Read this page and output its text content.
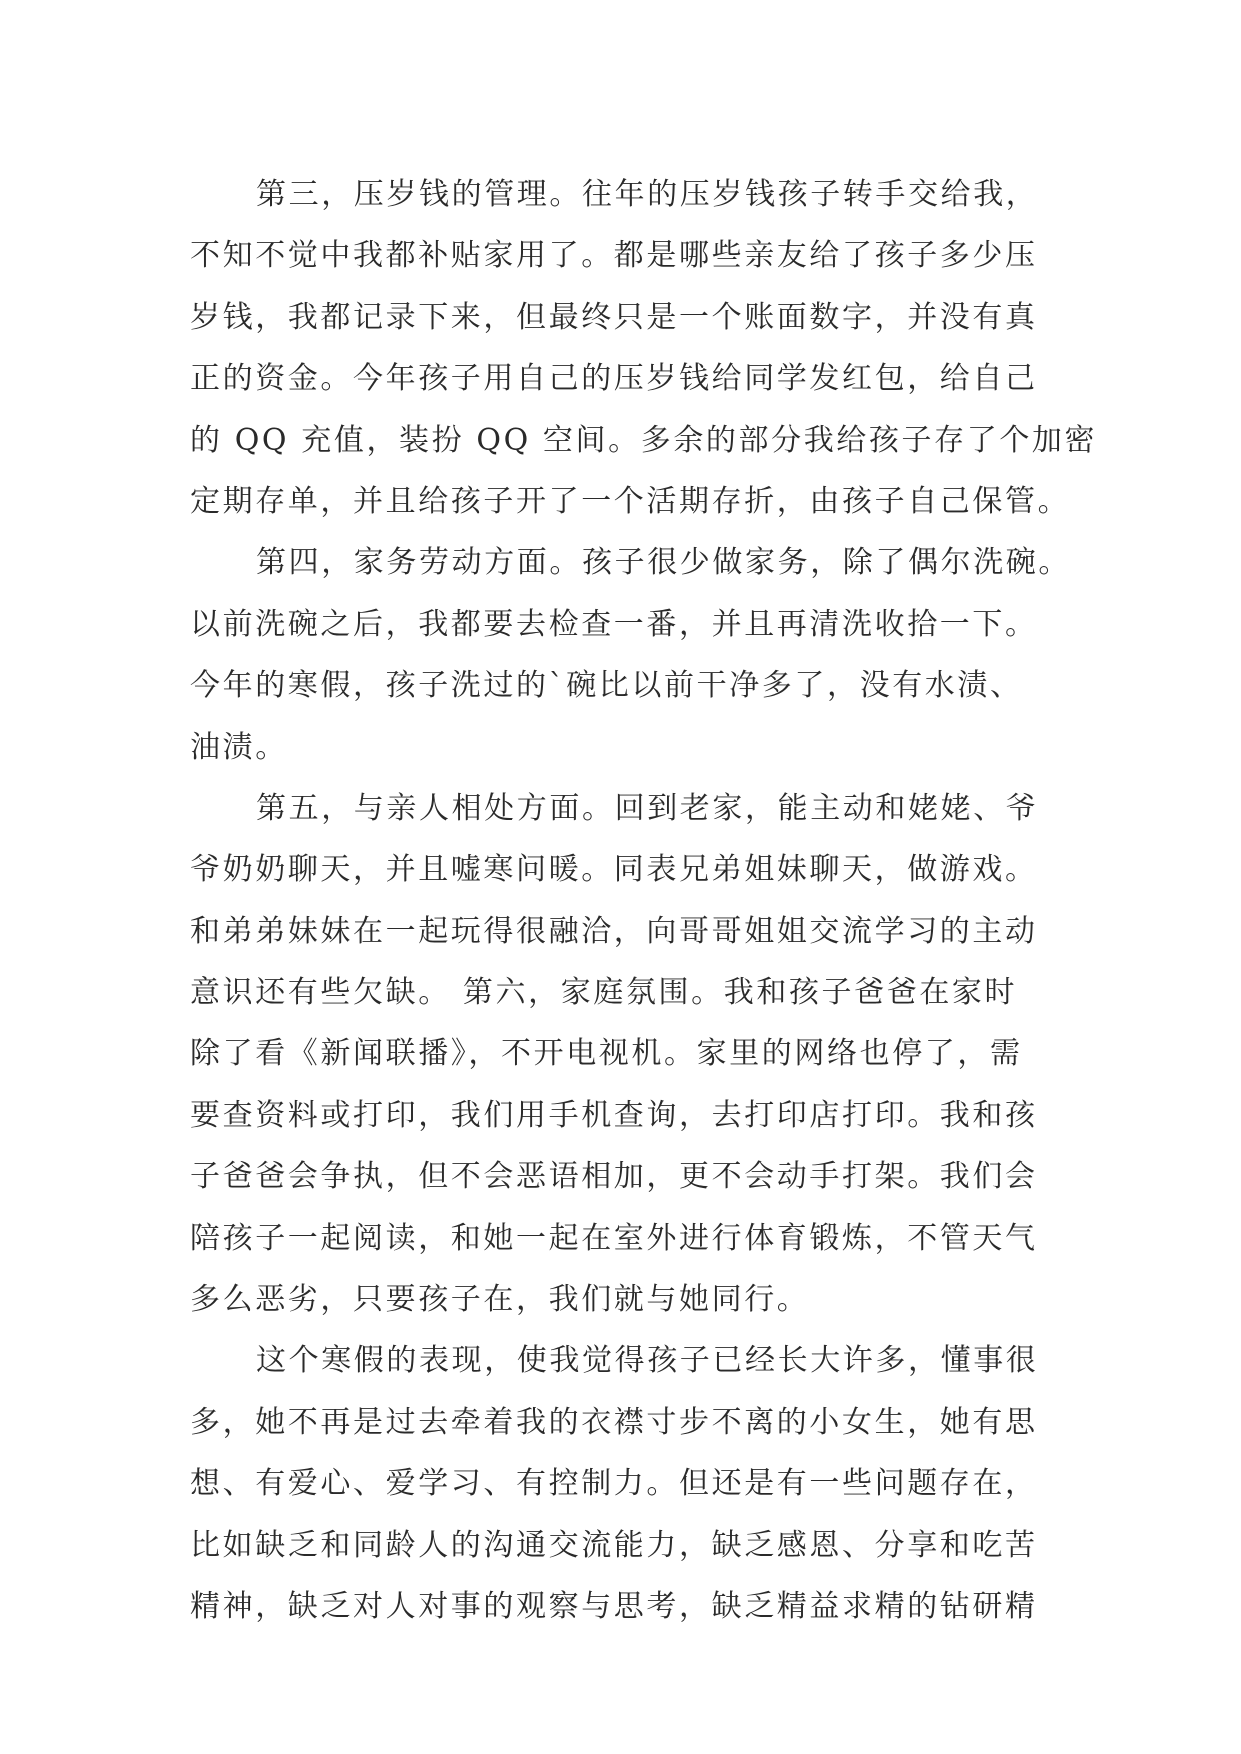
第三，压岁钱的管理。往年的压岁钱孩子转手交给我，
不知不觉中我都补贴家用了。都是哪些亲友给了孩子多少压
岁钱，我都记录下来，但最终只是一个账面数字，并没有真
正的资金。今年孩子用自己的压岁钱给同学发红包，给自己
的 QQ 充值，装扮 QQ 空间。多余的部分我给孩子存了个加密
定期存单，并且给孩子开了一个活期存折，由孩子自己保管。
第四，家务劳动方面。孩子很少做家务，除了偶尔洗碗。
以前洗碗之后，我都要去检查一番，并且再清洗收拾一下。
今年的寒假，孩子洗过的`碗比以前干净多了，没有水渍、
油渍。
第五，与亲人相处方面。回到老家，能主动和姥姥、爷
爷奶奶聊天，并且嘘寒问暖。同表兄弟姐妹聊天，做游戏。
和弟弟妹妹在一起玩得很融洽，向哥哥姐姐交流学习的主动
意识还有些欠缺。 第六，家庭氛围。我和孩子爸爸在家时
除了看《新闻联播》，不开电视机。家里的网络也停了，需
要查资料或打印，我们用手机查询，去打印店打印。我和孩
子爸爸会争执，但不会恶语相加，更不会动手打架。我们会
陪孩子一起阅读，和她一起在室外进行体育锻炼，不管天气
多么恶劣，只要孩子在，我们就与她同行。
这个寒假的表现，使我觉得孩子已经长大许多，懂事很
多，她不再是过去牵着我的衣襟寸步不离的小女生，她有思
想、有爱心、爱学习、有控制力。但还是有一些问题存在，
比如缺乏和同龄人的沟通交流能力，缺乏感恩、分享和吃苦
精神，缺乏对人对事的观察与思考，缺乏精益求精的钻研精
